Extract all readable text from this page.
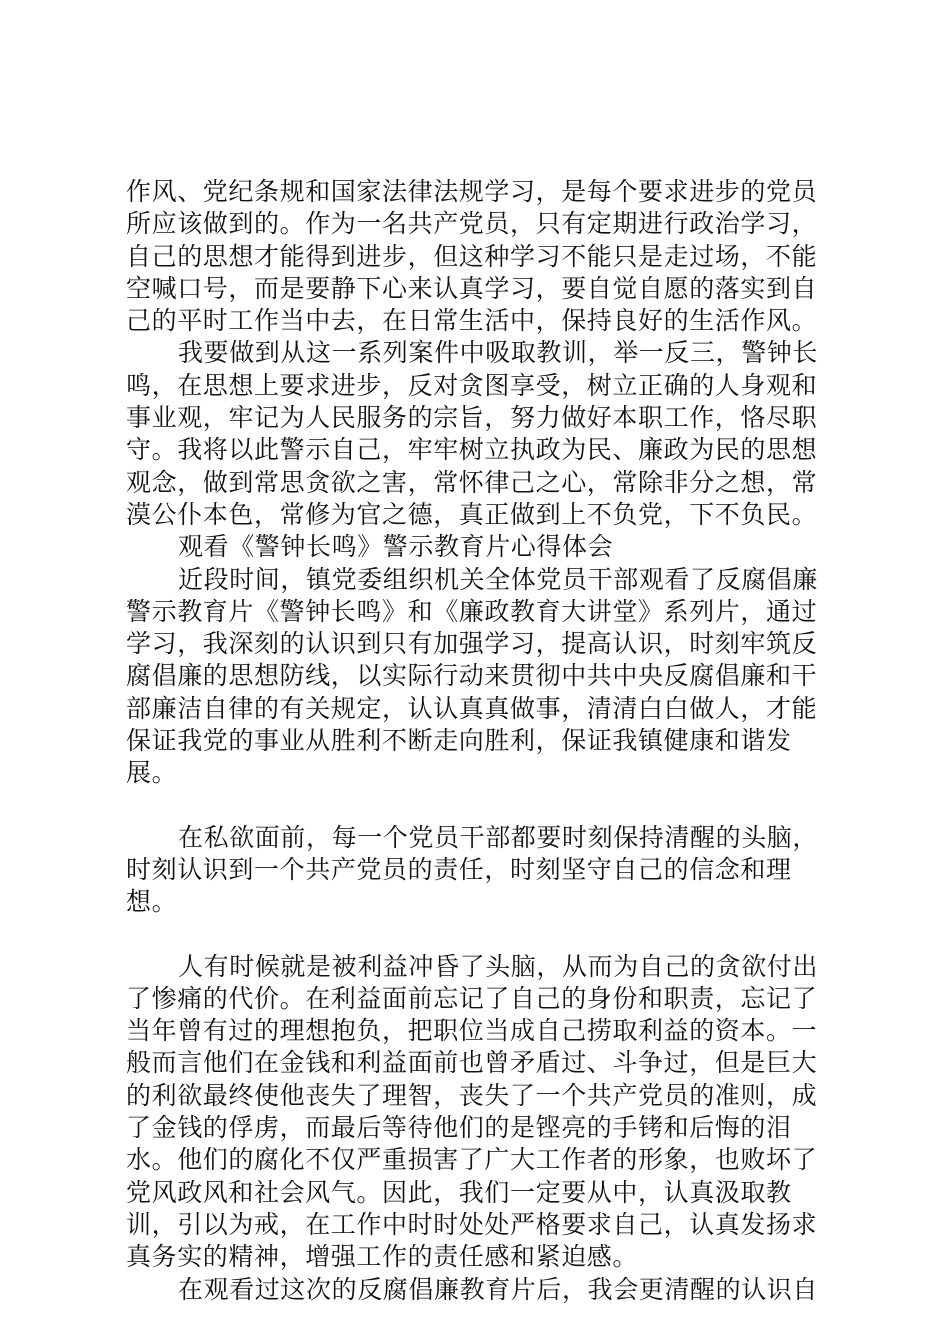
作风、党纪条规和国家法律法规学习，是每个要求进步的党员所应该做到的。作为一名共产党员，只有定期进行政治学习，自己的思想才能得到进步，但这种学习不能只是走过场，不能空喊口号，而是要静下心来认真学习，要自觉自愿的落实到自己的平时工作当中去，在日常生活中，保持良好的生活作风。

我要做到从这一系列案件中吸取教训，举一反三，警钟长鸣，在思想上要求进步，反对贪图享受，树立正确的人身观和事业观，牢记为人民服务的宗旨，努力做好本职工作，恪尽职守。我将以此警示自己，牢牢树立执政为民、廉政为民的思想观念，做到常思贪欲之害，常怀律己之心，常除非分之想，常漠公仆本色，常修为官之德，真正做到上不负党，下不负民。

观看《警钟长鸣》警示教育片心得体会

近段时间，镇党委组织机关全体党员干部观看了反腐倡廉警示教育片《警钟长鸣》和《廉政教育大讲堂》系列片，通过学习，我深刻的认识到只有加强学习，提高认识，时刻牢筑反腐倡廉的思想防线，以实际行动来贯彻中共中央反腐倡廉和干部廉洁自律的有关规定，认认真真做事，清清白白做人，才能保证我党的事业从胜利不断走向胜利，保证我镇健康和谐发展。

在私欲面前，每一个党员干部都要时刻保持清醒的头脑，时刻认识到一个共产党员的责任，时刻坚守自己的信念和理想。

人有时候就是被利益冲昏了头脑，从而为自己的贪欲付出了惨痛的代价。在利益面前忘记了自己的身份和职责，忘记了当年曾有过的理想抱负，把职位当成自己捞取利益的资本。一般而言他们在金钱和利益面前也曾矛盾过、斗争过，但是巨大的利欲最终使他丧失了理智，丧失了一个共产党员的准则，成了金钱的俘虏，而最后等待他们的是铿亮的手铐和后悔的泪水。他们的腐化不仅严重损害了广大工作者的形象，也败坏了党风政风和社会风气。因此，我们一定要从中，认真汲取教训，引以为戒，在工作中时时处处严格要求自己，认真发扬求真务实的精神，增强工作的责任感和紧迫感。

在观看过这次的反腐倡廉教育片后，我会更清醒的认识自
